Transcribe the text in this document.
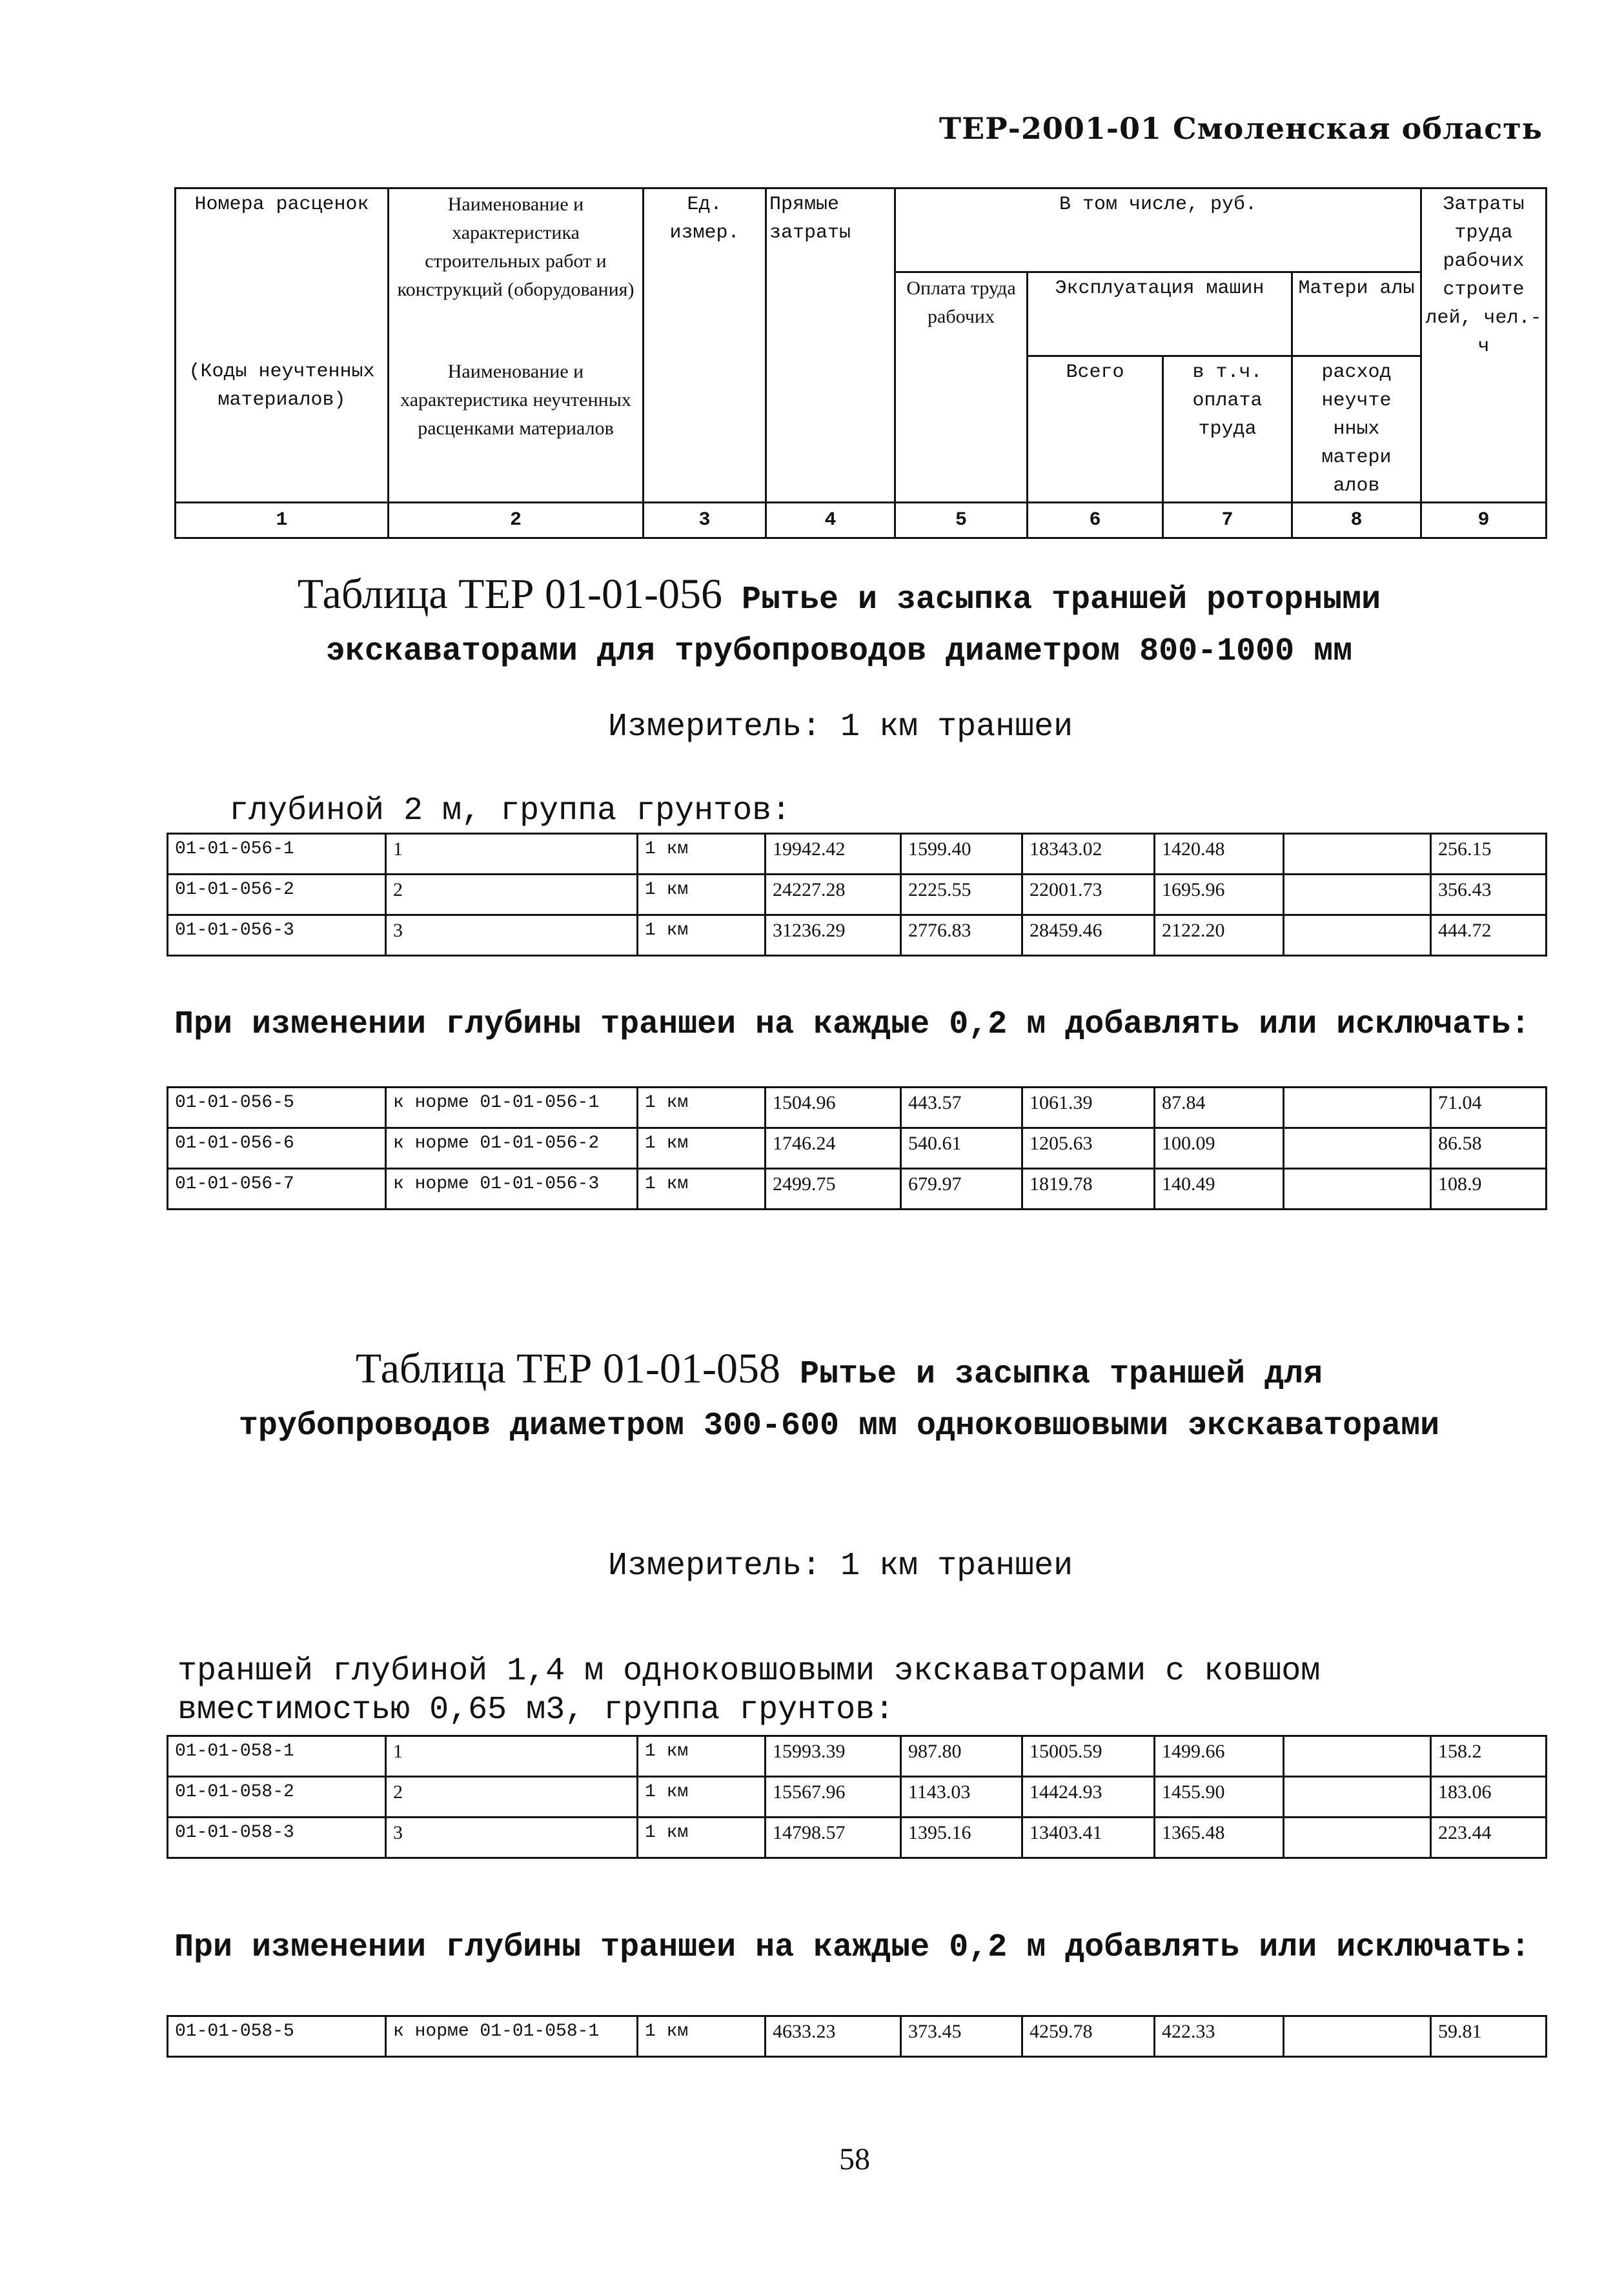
ТЕР-2001-01 Смоленская область
Номера расценок	Наименование и характеристика строительных работ и конструкций (оборудования)	Ед. измер.	Прямые затраты	В том числе, руб.				Затраты труда рабочих строите лей, чел.-ч
				Оплата труда рабочих	Эксплуатация машин		Матери алы	
(Коды неучтенных материалов)	Наименование и характеристика неучтенных расценками материалов				Всего	в т.ч. оплата труда	расход неучте нных матери алов	
1	2	3	4	5	6	7	8	9
Таблица ТЕР 01-01-056 Рытье и засыпка траншей роторными экскаваторами для трубопроводов диаметром 800-1000 мм
Измеритель: 1 км траншеи
глубиной 2 м, группа грунтов:
01-01-056-1	1	1 км	19942.42	1599.40	18343.02	1420.48		256.15
01-01-056-2	2	1 км	24227.28	2225.55	22001.73	1695.96		356.43
01-01-056-3	3	1 км	31236.29	2776.83	28459.46	2122.20		444.72
При изменении глубины траншеи на каждые 0,2 м добавлять или исключать:
01-01-056-5	к норме 01-01-056-1	1 км	1504.96	443.57	1061.39	87.84		71.04
01-01-056-6	к норме 01-01-056-2	1 км	1746.24	540.61	1205.63	100.09		86.58
01-01-056-7	к норме 01-01-056-3	1 км	2499.75	679.97	1819.78	140.49		108.9
Таблица ТЕР 01-01-058 Рытье и засыпка траншей для трубопроводов диаметром 300-600 мм одноковшовыми экскаваторами
Измеритель: 1 км траншеи
траншей глубиной 1,4 м одноковшовыми экскаваторами с ковшом вместимостью 0,65 м3, группа грунтов:
01-01-058-1	1	1 км	15993.39	987.80	15005.59	1499.66		158.2
01-01-058-2	2	1 км	15567.96	1143.03	14424.93	1455.90		183.06
01-01-058-3	3	1 км	14798.57	1395.16	13403.41	1365.48		223.44
При изменении глубины траншеи на каждые 0,2 м добавлять или исключать:
01-01-058-5	к норме 01-01-058-1	1 км	4633.23	373.45	4259.78	422.33		59.81
58
